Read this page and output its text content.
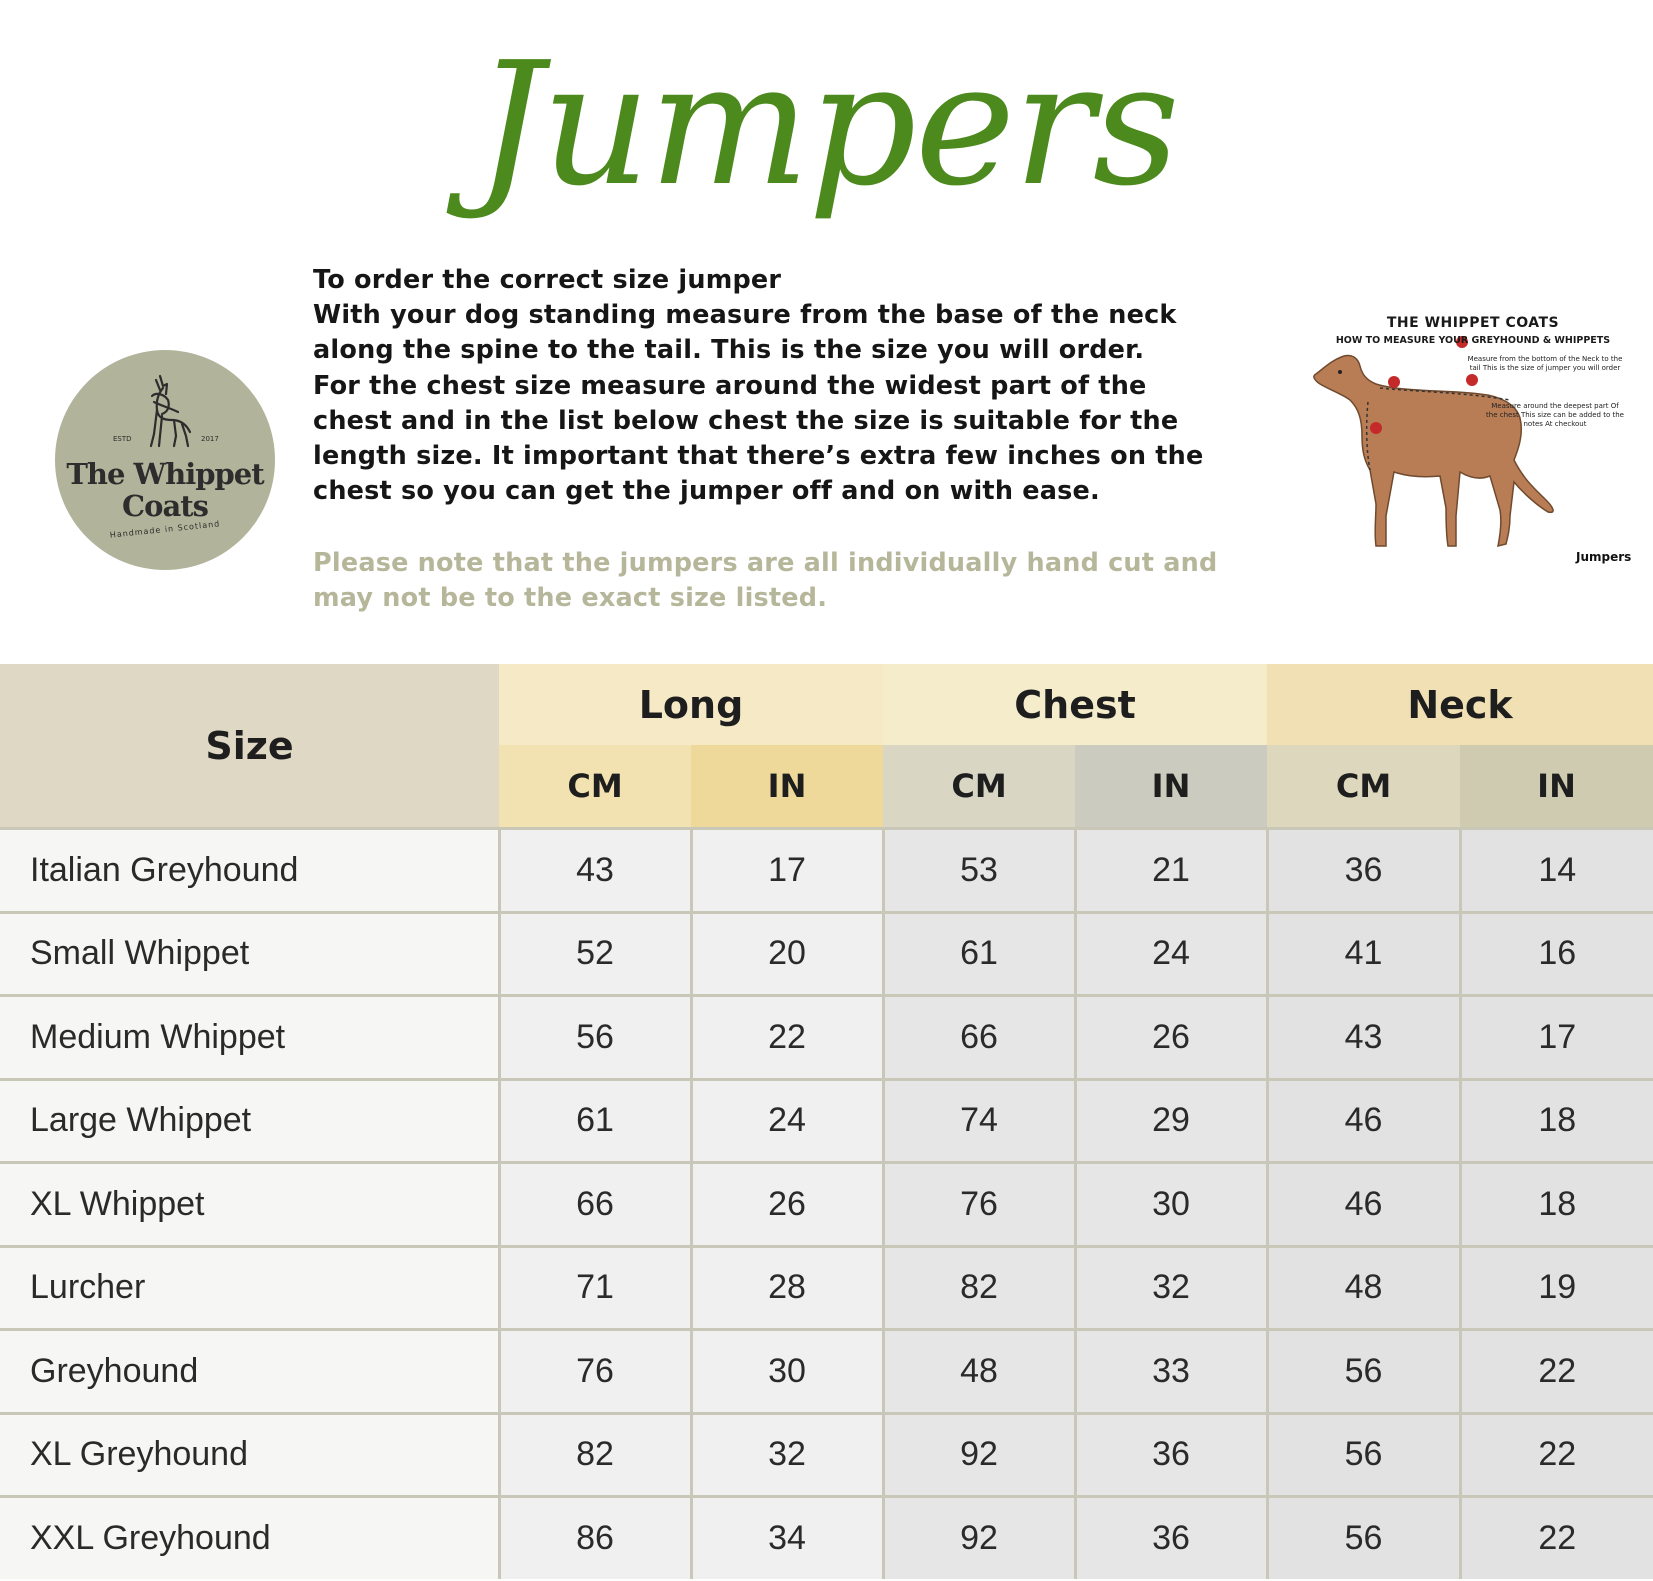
Jumpers
ESTD	2017
The Whippet
Coats
Handmade in Scotland

To order the correct size jumper

With your dog standing measure from the base of the neck

along the spine to the tail. This is the size you will order.

For the chest size measure around the widest part of the

chest and in the list below chest the size is suitable for the

length size. It important that there’s extra few inches on the

chest so you can get the jumper off and on with ease.

Please note that the jumpers are all individually hand cut and

may not be to the exact size listed.

THE WHIPPET COATS
HOW TO MEASURE YOUR GREYHOUND & WHIPPETS
Measure from the bottom of the Neck to the tail This is the size of jumper you will order
Measure around the deepest part Of the chest This size can be added to the notes At checkout
Jumpers
Size	Long		Chest		Neck	
	CM	IN	CM	IN	CM	IN
Italian Greyhound	43	17	53	21	36	14
Small Whippet	52	20	61	24	41	16
Medium Whippet	56	22	66	26	43	17
Large Whippet	61	24	74	29	46	18
XL Whippet	66	26	76	30	46	18
Lurcher	71	28	82	32	48	19
Greyhound	76	30	48	33	56	22
XL Greyhound	82	32	92	36	56	22
XXL Greyhound	86	34	92	36	56	22
